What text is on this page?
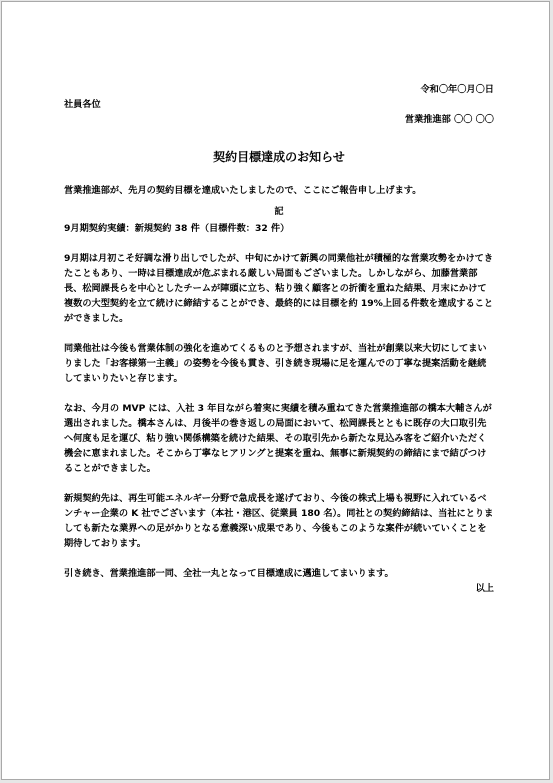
令和〇年〇月〇日
社員各位
営業推進部 〇〇 〇〇
契約目標達成のお知らせ

営業推進部が、先月の契約目標を達成いたしましたので、ここにご報告申し上げます。

記

9月期契約実績：新規契約 38 件（目標件数：32 件）

9月期は月初こそ好調な滑り出しでしたが、中旬にかけて新興の同業他社が積極的な営業攻勢をかけてきたこともあり、一時は目標達成が危ぶまれる厳しい局面もございました。しかしながら、加藤営業部長、松岡課長らを中心としたチームが陣頭に立ち、粘り強く顧客との折衝を重ねた結果、月末にかけて複数の大型契約を立て続けに締結することができ、最終的には目標を約 19%上回る件数を達成することができました。

同業他社は今後も営業体制の強化を進めてくるものと予想されますが、当社が創業以来大切にしてまいりました「お客様第一主義」の姿勢を今後も貫き、引き続き現場に足を運んでの丁寧な提案活動を継続してまいりたいと存じます。

なお、今月の MVP には、入社 3 年目ながら着実に実績を積み重ねてきた営業推進部の橋本大輔さんが選出されました。橋本さんは、月後半の巻き返しの局面において、松岡課長とともに既存の大口取引先へ何度も足を運び、粘り強い関係構築を続けた結果、その取引先から新たな見込み客をご紹介いただく機会に恵まれました。そこから丁寧なヒアリングと提案を重ね、無事に新規契約の締結にまで結びつけることができました。

新規契約先は、再生可能エネルギー分野で急成長を遂げており、今後の株式上場も視野に入れているベンチャー企業の K 社でございます（本社・港区、従業員 180 名）。同社との契約締結は、当社にとりましても新たな業界への足がかりとなる意義深い成果であり、今後もこのような案件が続いていくことを期待しております。

引き続き、営業推進部一同、全社一丸となって目標達成に邁進してまいります。

以上
